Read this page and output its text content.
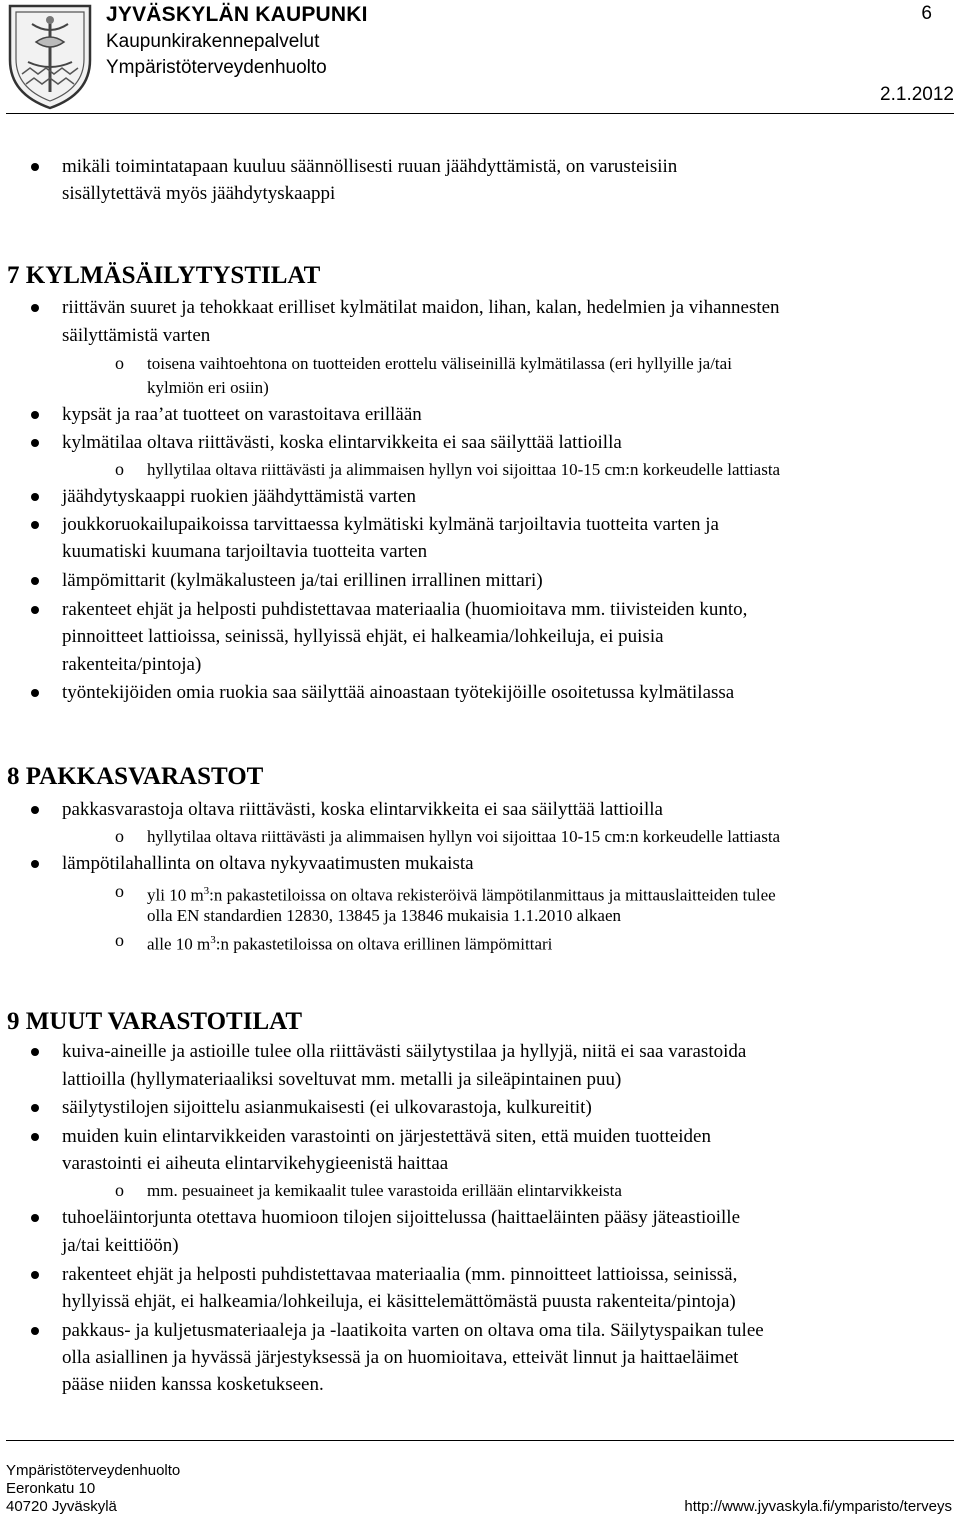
JYVÄSKYLÄN KAUPUNKI
Kaupunkirakennepalvelut
Ympäristöterveydenhuolto
6
2.1.2012
mikäli toimintatapaan kuuluu säännöllisesti ruuan jäähdyttämistä, on varusteisiin
sisällytettävä myös jäähdytyskaappi
7 KYLMÄSÄILYTYSTILAT
riittävän suuret ja tehokkaat erilliset kylmätilat maidon, lihan, kalan, hedelmien ja vihannesten
säilyttämistä varten
o toisena vaihtoehtona on tuotteiden erottelu väliseinillä kylmätilassa (eri hyllyille ja/tai
kylmiön eri osiin)
kypsät ja raa’at tuotteet on varastoitava erillään
kylmätilaa oltava riittävästi, koska elintarvikkeita ei saa säilyttää lattioilla
o hyllytilaa oltava riittävästi ja alimmaisen hyllyn voi sijoittaa 10-15 cm:n korkeudelle lattiasta
jäähdytyskaappi ruokien jäähdyttämistä varten
joukkoruokailupaikoissa tarvittaessa kylmätiski kylmänä tarjoiltavia tuotteita varten ja
kuumatiski kuumana tarjoiltavia tuotteita varten
lämpömittarit (kylmäkalusteen ja/tai erillinen irrallinen mittari)
rakenteet ehjät ja helposti puhdistettavaa materiaalia (huomioitava mm. tiivisteiden kunto,
pinnoitteet lattioissa, seinissä, hyllyissä ehjät, ei halkeamia/lohkeiluja, ei puisia
rakenteita/pintoja)
työntekijöiden omia ruokia saa säilyttää ainoastaan työtekijöille osoitetussa kylmätilassa
8 PAKKASVARASTOT
pakkasvarastoja oltava riittävästi, koska elintarvikkeita ei saa säilyttää lattioilla
o hyllytilaa oltava riittävästi ja alimmaisen hyllyn voi sijoittaa 10-15 cm:n korkeudelle lattiasta
lämpötilahallinta on oltava nykyvaatimusten mukaista
o yli 10 $m^3:n$ pakastetiloissa on oltava rekisteröivä lämpötilanmittaus ja mittauslaitteiden tulee
olla EN standardien 12830, 13845 ja 13846 mukaisia 1.1.2010 alkaen
o alle 10 $m^3:n$ pakastetiloissa on oltava erillinen lämpömittari
9 MUUT VARASTOTILAT
kuiva-aineille ja astioille tulee olla riittävästi säilytystilaa ja hyllyjä, niitä ei saa varastoida
lattioilla (hyllymateriaaliksi soveltuvat mm. metalli ja sileäpintainen puu)
säilytystilojen sijoittelu asianmukaisesti (ei ulkovarastoja, kulkureitit)
muiden kuin elintarvikkeiden varastointi on järjestettävä siten, että muiden tuotteiden
varastointi ei aiheuta elintarvikehygieenistä haittaa
o mm. pesuaineet ja kemikaalit tulee varastoida erillään elintarvikkeista
tuhoeläintorjunta otettava huomioon tilojen sijoittelussa (haittaeläinten pääsy jäteastioille
ja/tai keittiöön)
rakenteet ehjät ja helposti puhdistettavaa materiaalia (mm. pinnoitteet lattioissa, seinissä,
hyllyissä ehjät, ei halkeamia/lohkeiluja, ei käsittelemättömästä puusta rakenteita/pintoja)
pakkaus- ja kuljetusmateriaaleja ja -laatikoita varten on oltava oma tila. Säilytyspaikan tulee
olla asiallinen ja hyvässä järjestyksessä ja on huomioitava, etteivät linnut ja haittaeläimet
pääse niiden kanssa kosketukseen.
Ympäristöterveydenhuolto
Eeronkatu 10
40720 Jyväskylä	http://www.jyvaskyla.fi/ymparisto/terveys
